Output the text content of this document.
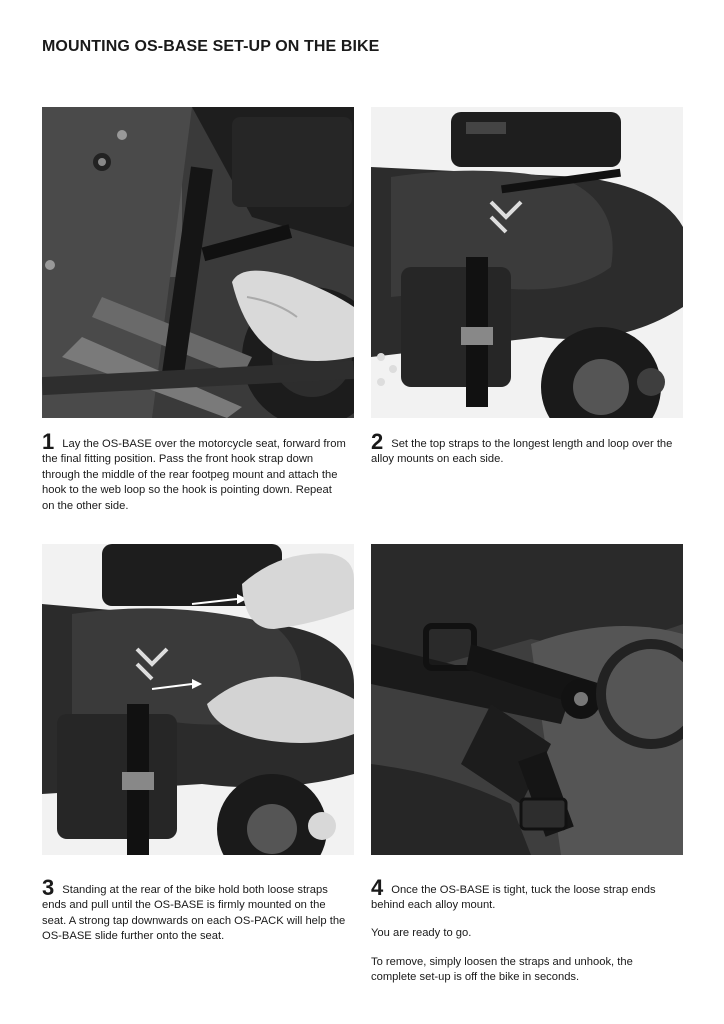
MOUNTING OS-BASE SET-UP ON THE BIKE

1 Lay the OS-BASE over the motorcycle seat, forward from the final fitting position. Pass the front hook strap down through the middle of the rear footpeg mount and attach the hook to the web loop so the hook is pointing down. Repeat on the other side.

2 Set the top straps to the longest length and loop over the alloy mounts on each side.

3 Standing at the rear of the bike hold both loose straps ends and pull until the OS-BASE is firmly mounted on the seat. A strong tap downwards on each OS-PACK will help the OS-BASE slide further onto the seat.

4 Once the OS-BASE is tight, tuck the loose strap ends behind each alloy mount.

You are ready to go.

To remove, simply loosen the straps and unhook, the complete set-up is off the bike in seconds.
